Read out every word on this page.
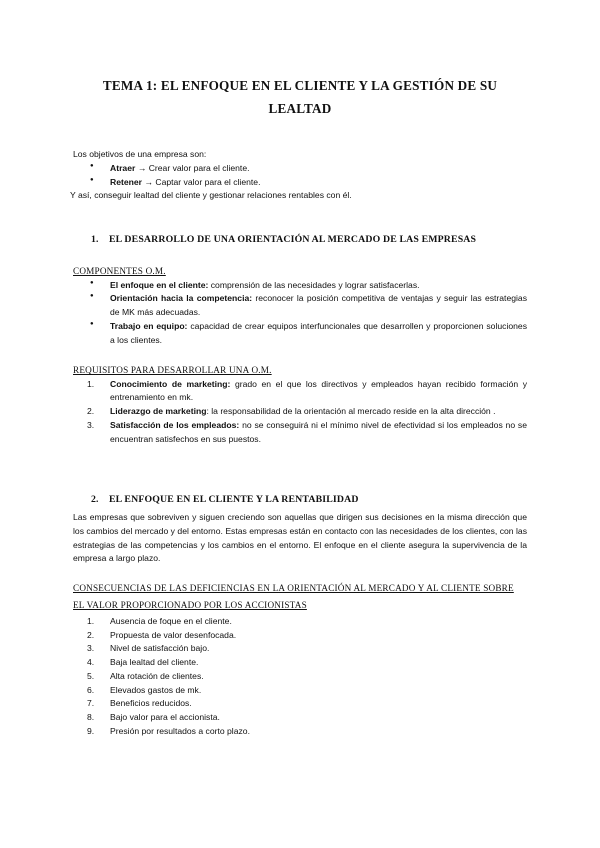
TEMA 1: EL ENFOQUE EN EL CLIENTE Y LA GESTIÓN DE SU
LEALTAD
Los objetivos de una empresa son:
● Atraer → Crear valor para el cliente.
● Retener → Captar valor para el cliente.
Y así, conseguir lealtad del cliente y gestionar relaciones rentables con él.
1. EL DESARROLLO DE UNA ORIENTACIÓN AL MERCADO DE LAS EMPRESAS
COMPONENTES O.M.
● El enfoque en el cliente: comprensión de las necesidades y lograr satisfacerlas.
● Orientación hacia la competencia: reconocer la posición competitiva de ventajas y seguir las estrategias de MK más adecuadas.
● Trabajo en equipo: capacidad de crear equipos interfuncionales que desarrollen y proporcionen soluciones a los clientes.
REQUISITOS PARA DESARROLLAR UNA O.M.
1. Conocimiento de marketing: grado en el que los directivos y empleados hayan recibido formación y entrenamiento en mk.
2. Liderazgo de marketing: la responsabilidad de la orientación al mercado reside en la alta dirección .
3. Satisfacción de los empleados: no se conseguirá ni el mínimo nivel de efectividad si los empleados no se encuentran satisfechos en sus puestos.
2. EL ENFOQUE EN EL CLIENTE Y LA RENTABILIDAD
Las empresas que sobreviven y siguen creciendo son aquellas que dirigen sus decisiones en la misma dirección que los cambios del mercado y del entorno. Estas empresas están en contacto con las necesidades de los clientes, con las estrategias de las competencias y los cambios en el entorno. El enfoque en el cliente asegura la supervivencia de la empresa a largo plazo.
CONSECUENCIAS DE LAS DEFICIENCIAS EN LA ORIENTACIÓN AL MERCADO Y AL CLIENTE SOBRE EL VALOR PROPORCIONADO POR LOS ACCIONISTAS
1. Ausencia de foque en el cliente.
2. Propuesta de valor desenfocada.
3. Nivel de satisfacción bajo.
4. Baja lealtad del cliente.
5. Alta rotación de clientes.
6. Elevados gastos de mk.
7. Beneficios reducidos.
8. Bajo valor para el accionista.
9. Presión por resultados a corto plazo.
